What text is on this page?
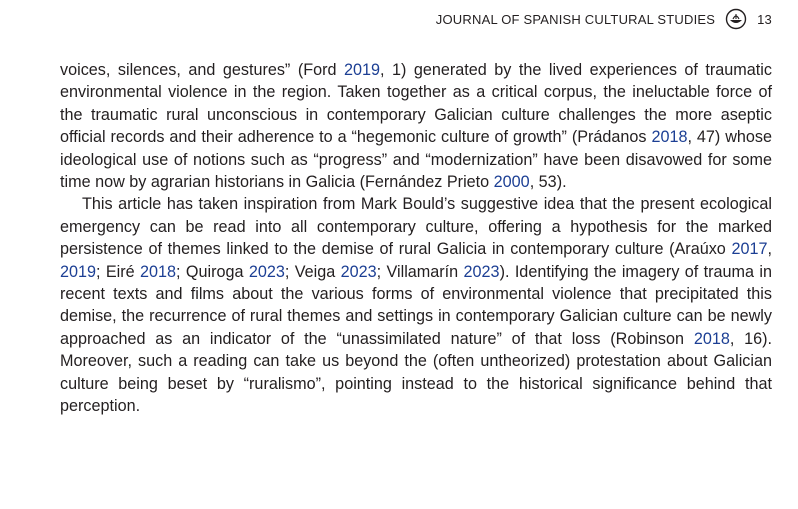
JOURNAL OF SPANISH CULTURAL STUDIES	13

voices, silences, and gestures” (Ford 2019, 1) generated by the lived experiences of traumatic environmental violence in the region. Taken together as a critical corpus, the ineluctable force of the traumatic rural unconscious in contemporary Galician culture challenges the more aseptic official records and their adherence to a “hegemonic culture of growth” (Prádanos 2018, 47) whose ideological use of notions such as “progress” and “modernization” have been disavowed for some time now by agrarian historians in Galicia (Fernández Prieto 2000, 53).

This article has taken inspiration from Mark Bould’s suggestive idea that the present ecological emergency can be read into all contemporary culture, offering a hypothesis for the marked persistence of themes linked to the demise of rural Galicia in contemporary culture (Araúxo 2017, 2019; Eiré 2018; Quiroga 2023; Veiga 2023; Villamarín 2023). Identifying the imagery of trauma in recent texts and films about the various forms of environmental violence that precipitated this demise, the recurrence of rural themes and settings in contemporary Galician culture can be newly approached as an indicator of the “unassimilated nature” of that loss (Robinson 2018, 16). Moreover, such a reading can take us beyond the (often untheorized) protestation about Galician culture being beset by “ruralismo”, pointing instead to the historical significance behind that perception.
